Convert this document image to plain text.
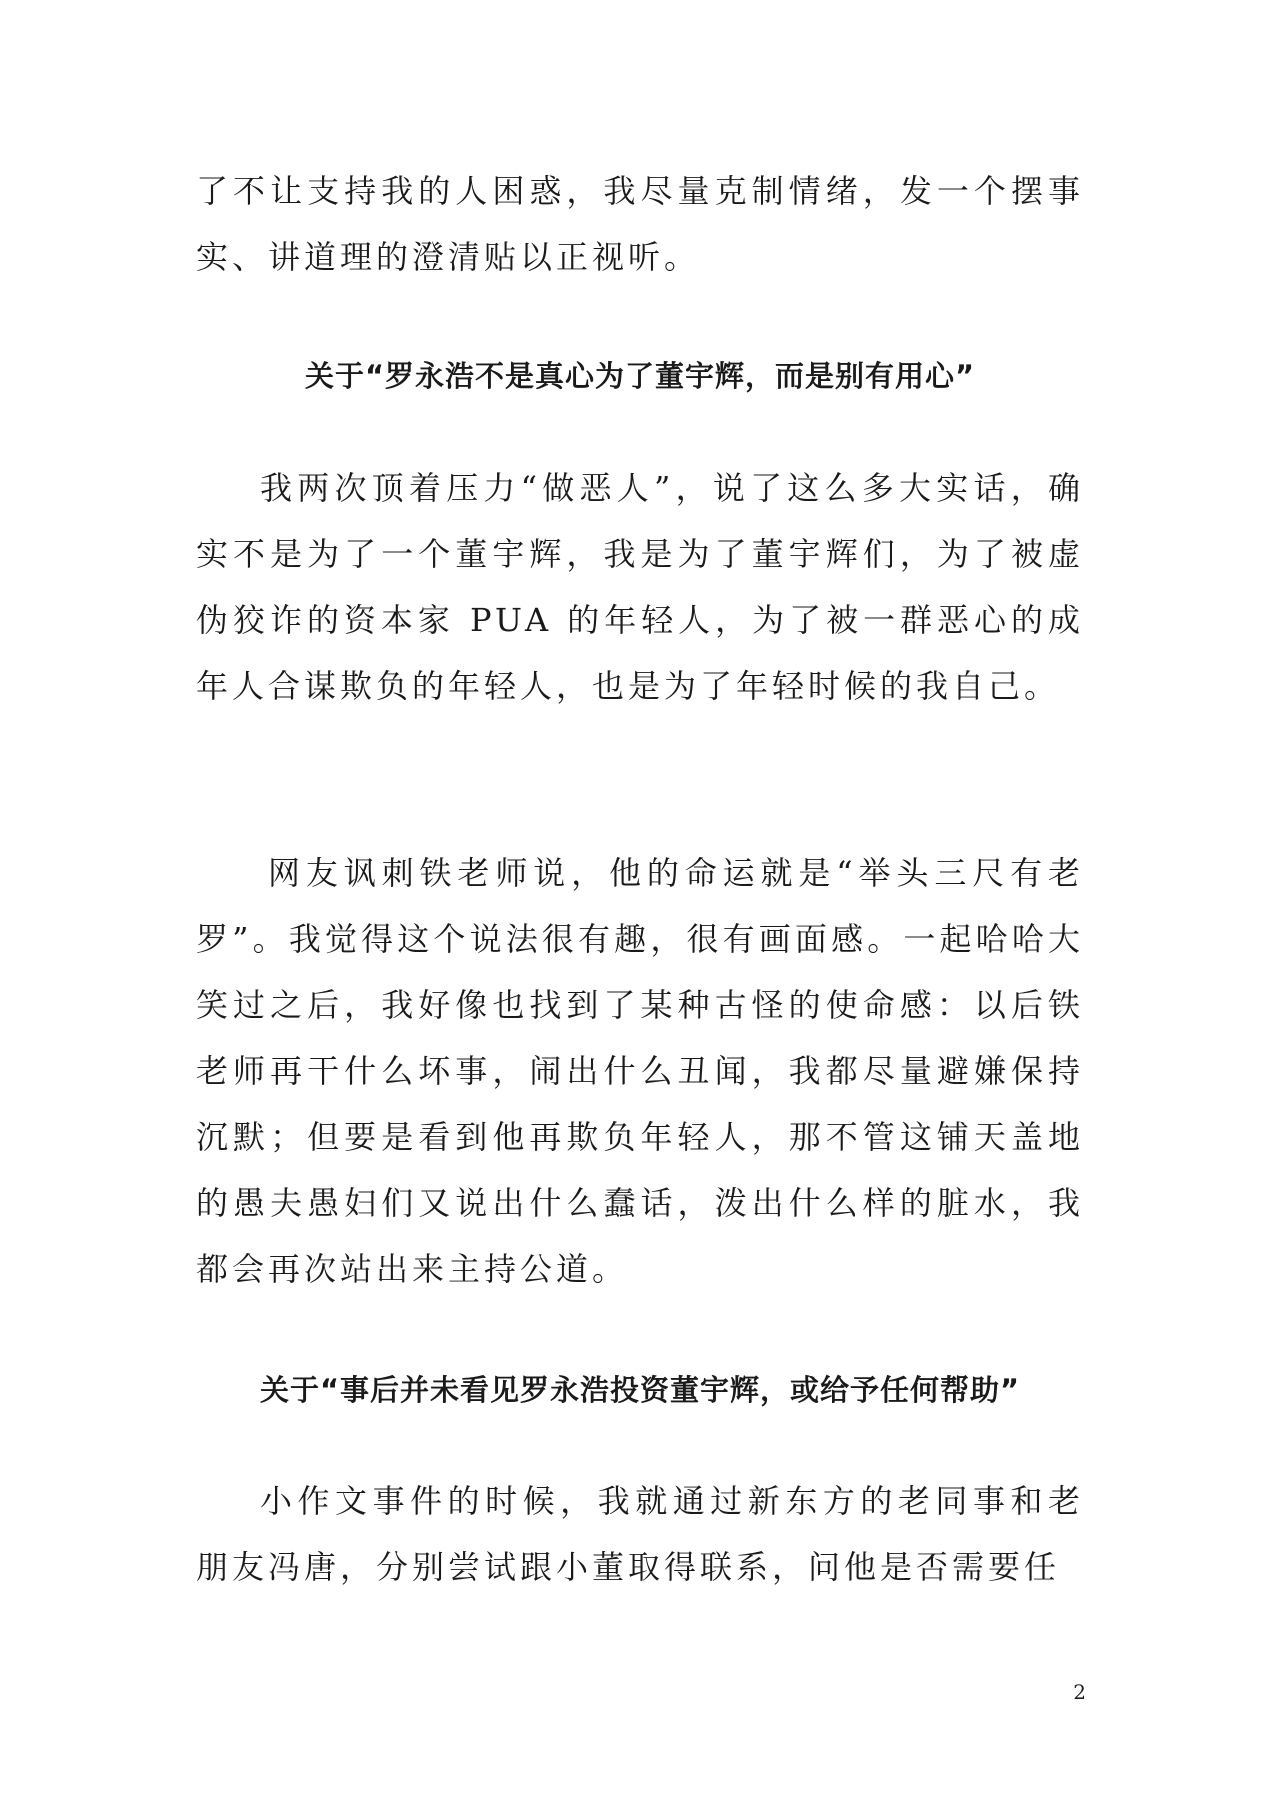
了不让支持我的人困惑，我尽量克制情绪，发一个摆事实、讲道理的澄清贴以正视听。

关于“罗永浩不是真心为了董宇辉，而是别有用心”

我两次顶着压力“做恶人”，说了这么多大实话，确实不是为了一个董宇辉，我是为了董宇辉们，为了被虚伪狡诈的资本家 PUA 的年轻人，为了被一群恶心的成年人合谋欺负的年轻人，也是为了年轻时候的我自己。

网友讽刺铁老师说，他的命运就是“举头三尺有老罗”。我觉得这个说法很有趣，很有画面感。一起哈哈大笑过之后，我好像也找到了某种古怪的使命感：以后铁老师再干什么坏事，闹出什么丑闻，我都尽量避嫌保持沉默；但要是看到他再欺负年轻人，那不管这铺天盖地的愚夫愚妇们又说出什么蠢话，泼出什么样的脏水，我都会再次站出来主持公道。

关于“事后并未看见罗永浩投资董宇辉，或给予任何帮助”

小作文事件的时候，我就通过新东方的老同事和老朋友冯唐，分别尝试跟小董取得联系，问他是否需要任

2
